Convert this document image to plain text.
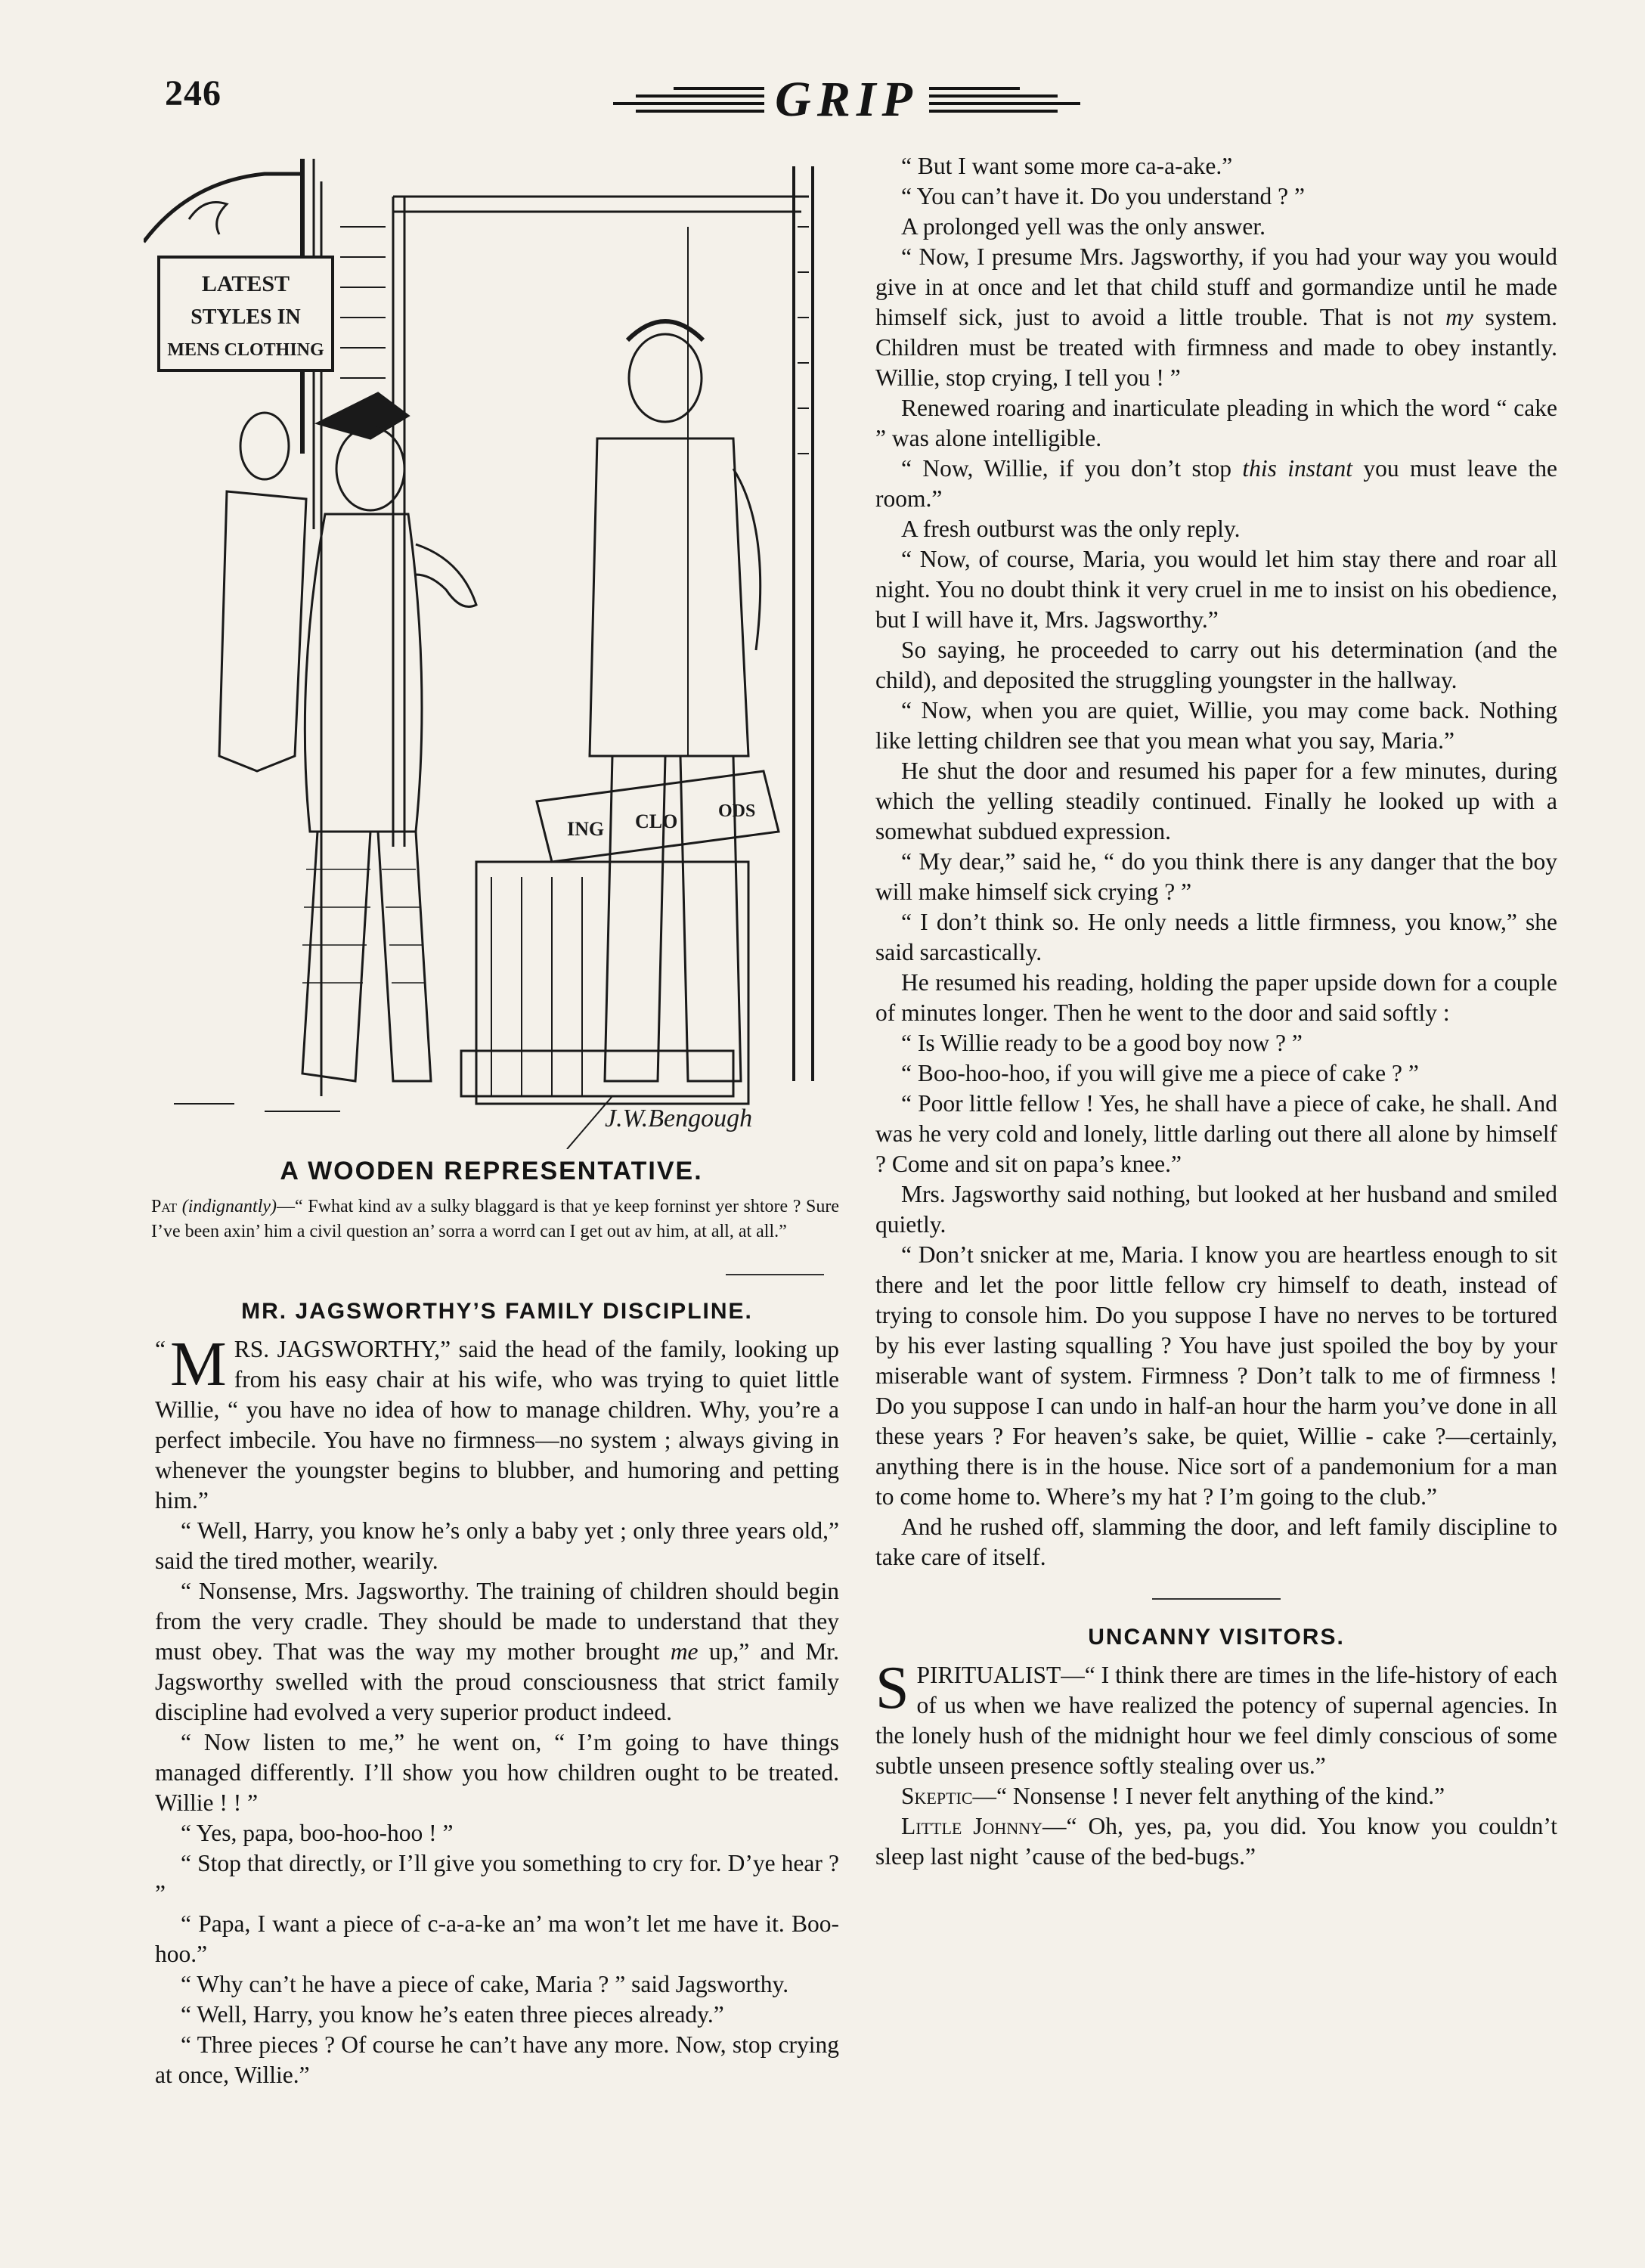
246	GRIP
LATEST
STYLES IN
MENS CLOTHING
ING CLO ODS
J.W.Bengough
A WOODEN REPRESENTATIVE.
Pat (indignantly)—“ Fwhat kind av a sulky blaggard is that ye keep forninst yer shtore ? Sure I’ve been axin’ him a civil question an’ sorra a worrd can I get out av him, at all, at all.”
MR. JAGSWORTHY’S FAMILY DISCIPLINE.

“ M RS. JAGSWORTHY,” said the head of the family, looking up from his easy chair at his wife, who was trying to quiet little Willie, “ you have no idea of how to manage children. Why, you’re a perfect imbecile. You have no firmness—no system ; always giving in whenever the youngster begins to blubber, and humoring and petting him.”

“ Well, Harry, you know he’s only a baby yet ; only three years old,” said the tired mother, wearily.

“ Nonsense, Mrs. Jagsworthy. The training of children should begin from the very cradle. They should be made to understand that they must obey. That was the way my mother brought me up,” and Mr. Jagsworthy swelled with the proud consciousness that strict family discipline had evolved a very superior product indeed.

“ Now listen to me,” he went on, “ I’m going to have things managed differently. I’ll show you how children ought to be treated. Willie ! ! ”

“ Yes, papa, boo-hoo-hoo ! ”

“ Stop that directly, or I’ll give you something to cry for. D’ye hear ? ”

“ Papa, I want a piece of c-a-a-ke an’ ma won’t let me have it. Boo-hoo.”

“ Why can’t he have a piece of cake, Maria ? ” said Jagsworthy.

“ Well, Harry, you know he’s eaten three pieces already.”

“ Three pieces ? Of course he can’t have any more. Now, stop crying at once, Willie.”

“ But I want some more ca-a-ake.”

“ You can’t have it. Do you understand ? ”

A prolonged yell was the only answer.

“ Now, I presume Mrs. Jagsworthy, if you had your way you would give in at once and let that child stuff and gormandize until he made himself sick, just to avoid a little trouble. That is not my system. Children must be treated with firmness and made to obey instantly. Willie, stop crying, I tell you ! ”

Renewed roaring and inarticulate pleading in which the word “ cake ” was alone intelligible.

“ Now, Willie, if you don’t stop this instant you must leave the room.”

A fresh outburst was the only reply.

“ Now, of course, Maria, you would let him stay there and roar all night. You no doubt think it very cruel in me to insist on his obedience, but I will have it, Mrs. Jagsworthy.”

So saying, he proceeded to carry out his determination (and the child), and deposited the struggling youngster in the hallway.

“ Now, when you are quiet, Willie, you may come back. Nothing like letting children see that you mean what you say, Maria.”

He shut the door and resumed his paper for a few minutes, during which the yelling steadily continued. Finally he looked up with a somewhat subdued expression.

“ My dear,” said he, “ do you think there is any danger that the boy will make himself sick crying ? ”

“ I don’t think so. He only needs a little firmness, you know,” she said sarcastically.

He resumed his reading, holding the paper upside down for a couple of minutes longer. Then he went to the door and said softly :

“ Is Willie ready to be a good boy now ? ”

“ Boo-hoo-hoo, if you will give me a piece of cake ? ”

“ Poor little fellow ! Yes, he shall have a piece of cake, he shall. And was he very cold and lonely, little darling out there all alone by himself ? Come and sit on papa’s knee.”

Mrs. Jagsworthy said nothing, but looked at her husband and smiled quietly.

“ Don’t snicker at me, Maria. I know you are heartless enough to sit there and let the poor little fellow cry himself to death, instead of trying to console him. Do you suppose I have no nerves to be tortured by his ever lasting squalling ? You have just spoiled the boy by your miserable want of system. Firmness ? Don’t talk to me of firmness ! Do you suppose I can undo in half-an hour the harm you’ve done in all these years ? For heaven’s sake, be quiet, Willie - cake ?—certainly, anything there is in the house. Nice sort of a pandemonium for a man to come home to. Where’s my hat ? I’m going to the club.”

And he rushed off, slamming the door, and left family discipline to take care of itself.

UNCANNY VISITORS.

SPIRITUALIST—“ I think there are times in the life-history of each of us when we have realized the potency of supernal agencies. In the lonely hush of the midnight hour we feel dimly conscious of some subtle unseen presence softly stealing over us.”

Skeptic—“ Nonsense ! I never felt anything of the kind.”

Little Johnny—“ Oh, yes, pa, you did. You know you couldn’t sleep last night ’cause of the bed-bugs.”
